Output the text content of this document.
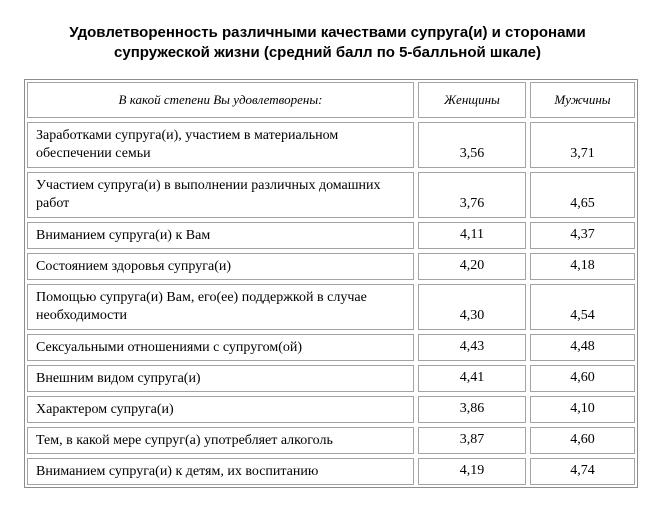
Удовлетворенность различными качествами супруга(и) и сторонами
супружеской жизни (средний балл по 5-балльной шкале)
В какой степени Вы удовлетворены:	Женщины	Мужчины
Заработками супруга(и), участием в материальном обеспечении семьи	3,56	3,71
Участием супруга(и) в выполнении различных домашних работ	3,76	4,65
Вниманием супруга(и) к Вам	4,11	4,37
Состоянием здоровья супруга(и)	4,20	4,18
Помощью супруга(и) Вам, его(ее) поддержкой в случае необходимости	4,30	4,54
Сексуальными отношениями с супругом(ой)	4,43	4,48
Внешним видом супруга(и)	4,41	4,60
Характером супруга(и)	3,86	4,10
Тем, в какой мере супруг(а) употребляет алкоголь	3,87	4,60
Вниманием супруга(и) к детям, их воспитанию	4,19	4,74
